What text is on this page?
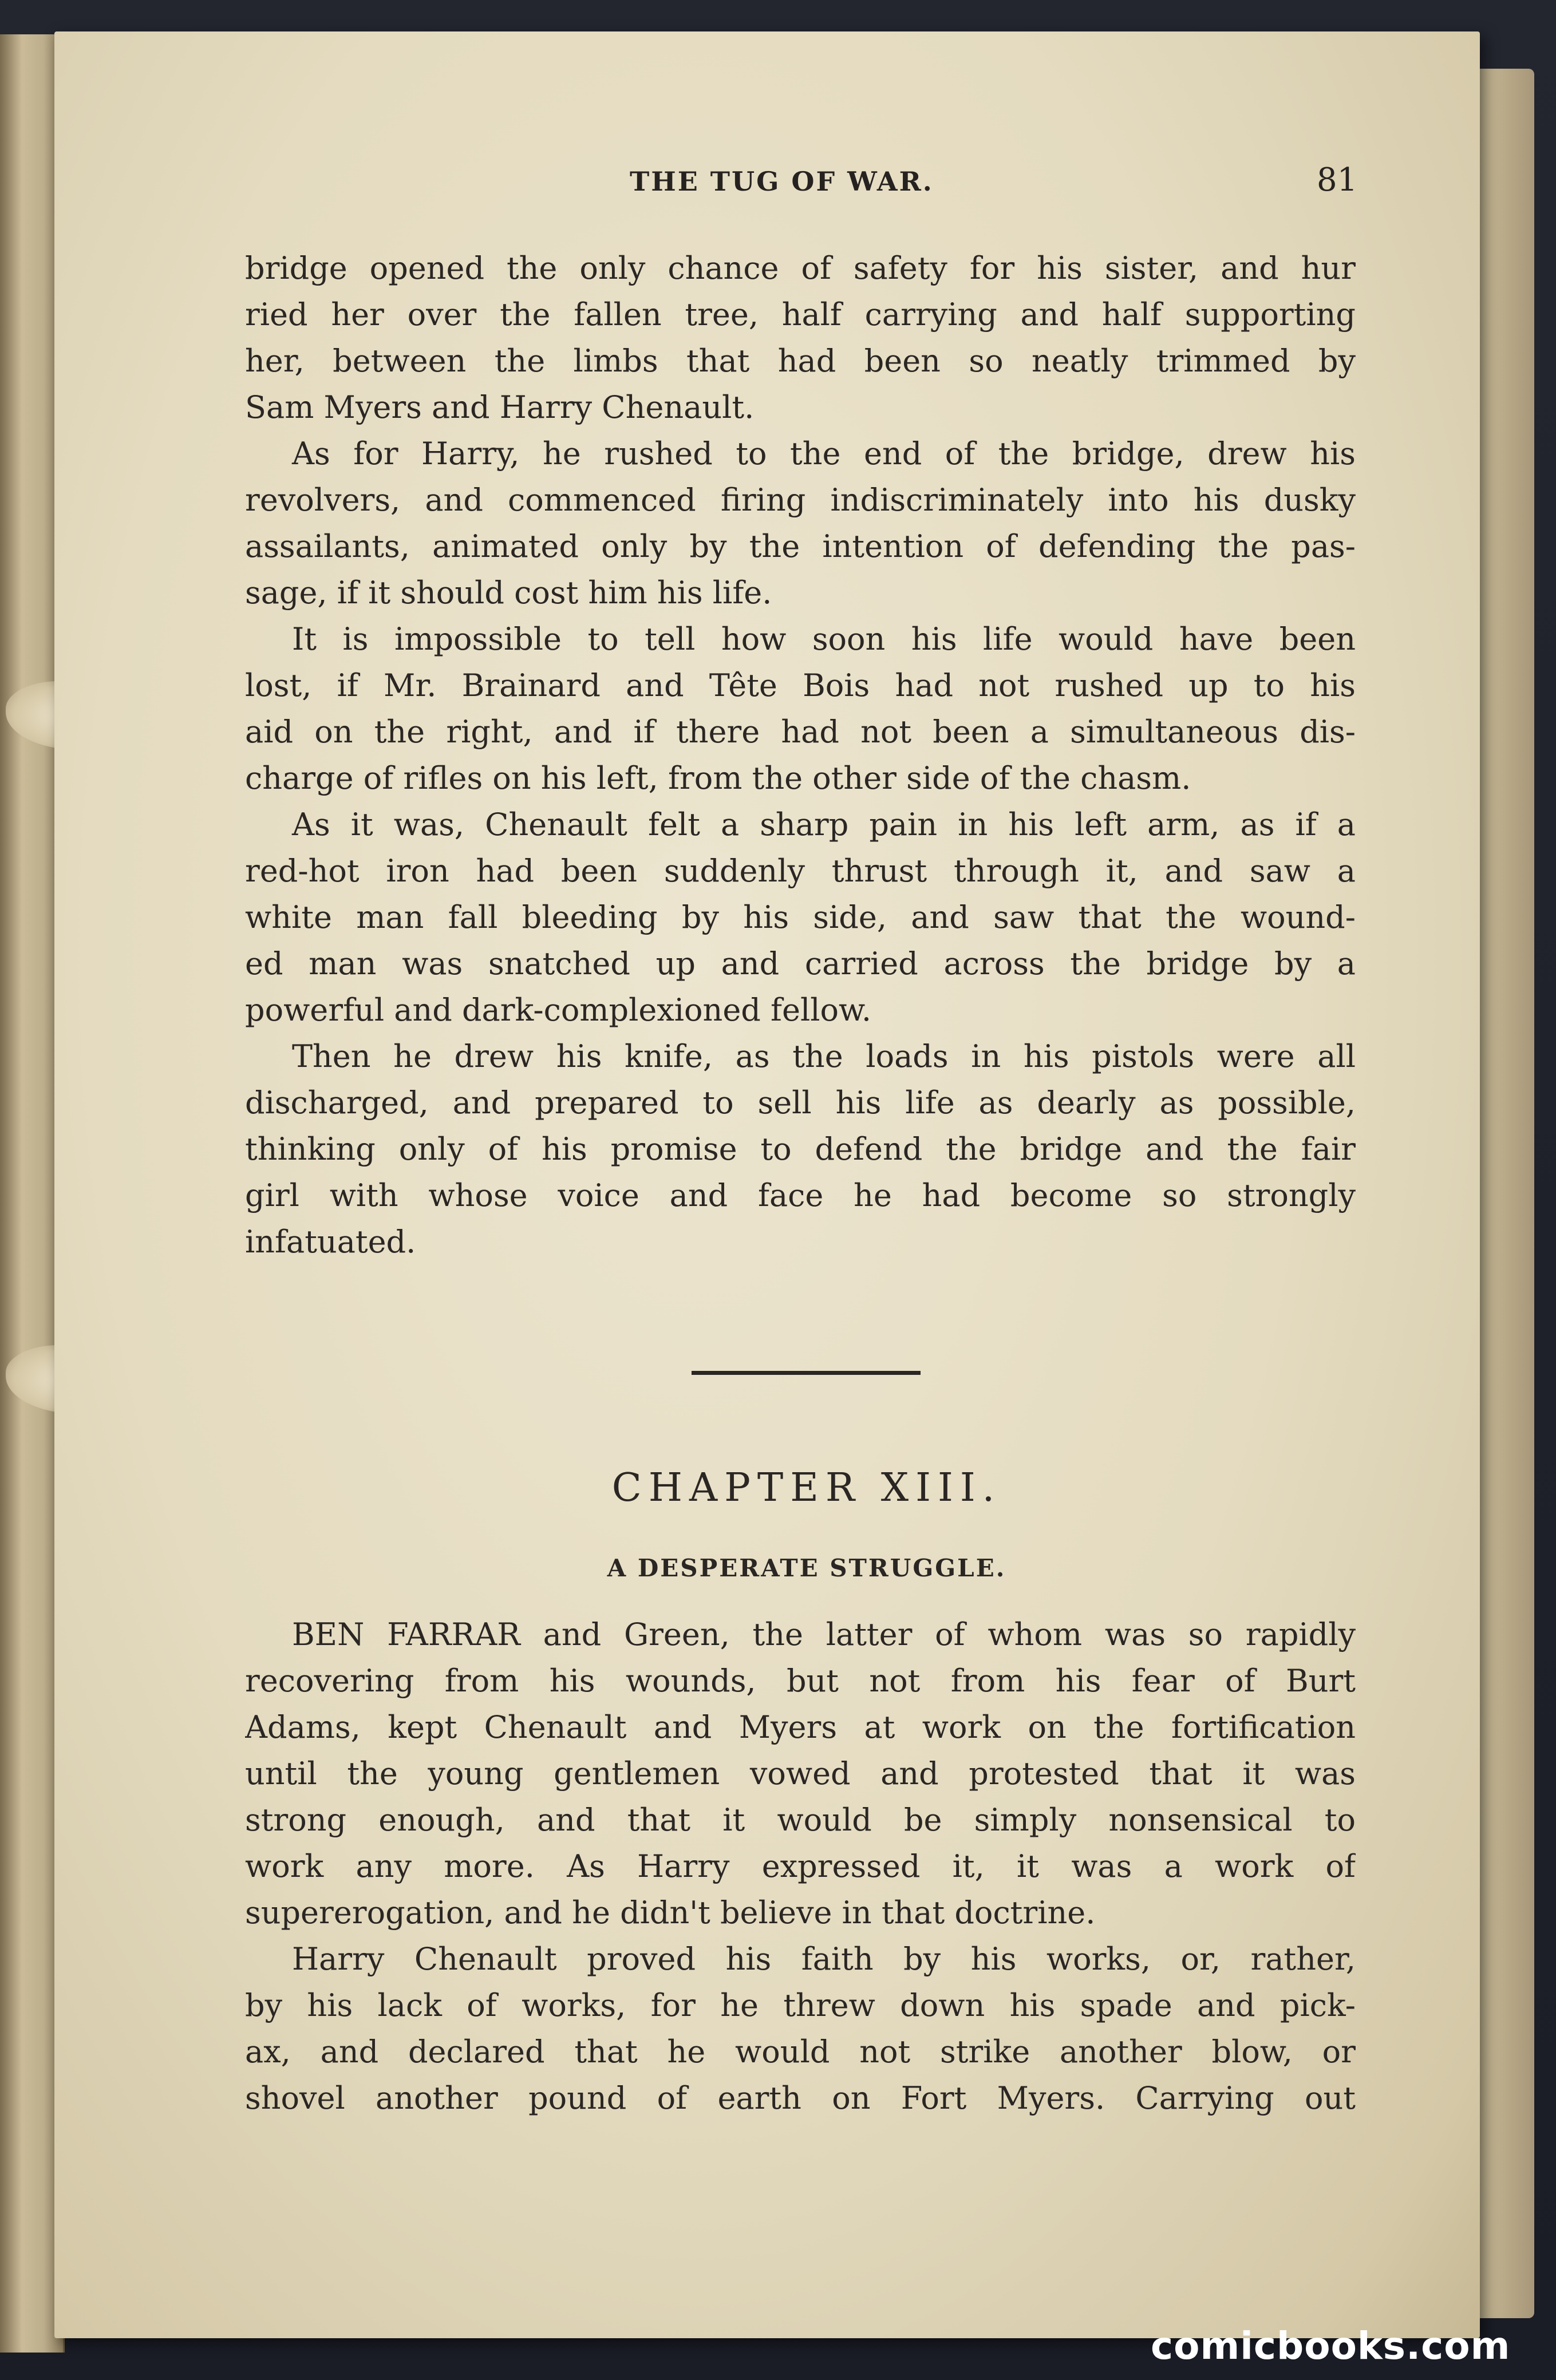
THE TUG OF WAR.	81
bridge opened the only chance of safety for his sister, and hur
ried her over the fallen tree, half carrying and half supporting
her, between the limbs that had been so neatly trimmed by
Sam Myers and Harry Chenault.
As for Harry, he rushed to the end of the bridge, drew his
revolvers, and commenced firing indiscriminately into his dusky
assailants, animated only by the intention of defending the pas-
sage, if it should cost him his life.
It is impossible to tell how soon his life would have been
lost, if Mr. Brainard and Tête Bois had not rushed up to his
aid on the right, and if there had not been a simultaneous dis-
charge of rifles on his left, from the other side of the chasm.
As it was, Chenault felt a sharp pain in his left arm, as if a
red-hot iron had been suddenly thrust through it, and saw a
white man fall bleeding by his side, and saw that the wound-
ed man was snatched up and carried across the bridge by a
powerful and dark-complexioned fellow.
Then he drew his knife, as the loads in his pistols were all
discharged, and prepared to sell his life as dearly as possible,
thinking only of his promise to defend the bridge and the fair
girl with whose voice and face he had become so strongly
infatuated.
CHAPTER XIII.
A DESPERATE STRUGGLE.
BEN FARRAR and Green, the latter of whom was so rapidly
recovering from his wounds, but not from his fear of Burt
Adams, kept Chenault and Myers at work on the fortification
until the young gentlemen vowed and protested that it was
strong enough, and that it would be simply nonsensical to
work any more. As Harry expressed it, it was a work of
supererogation, and he didn't believe in that doctrine.
Harry Chenault proved his faith by his works, or, rather,
by his lack of works, for he threw down his spade and pick-
ax, and declared that he would not strike another blow, or
shovel another pound of earth on Fort Myers. Carrying out
comicbooks.com
